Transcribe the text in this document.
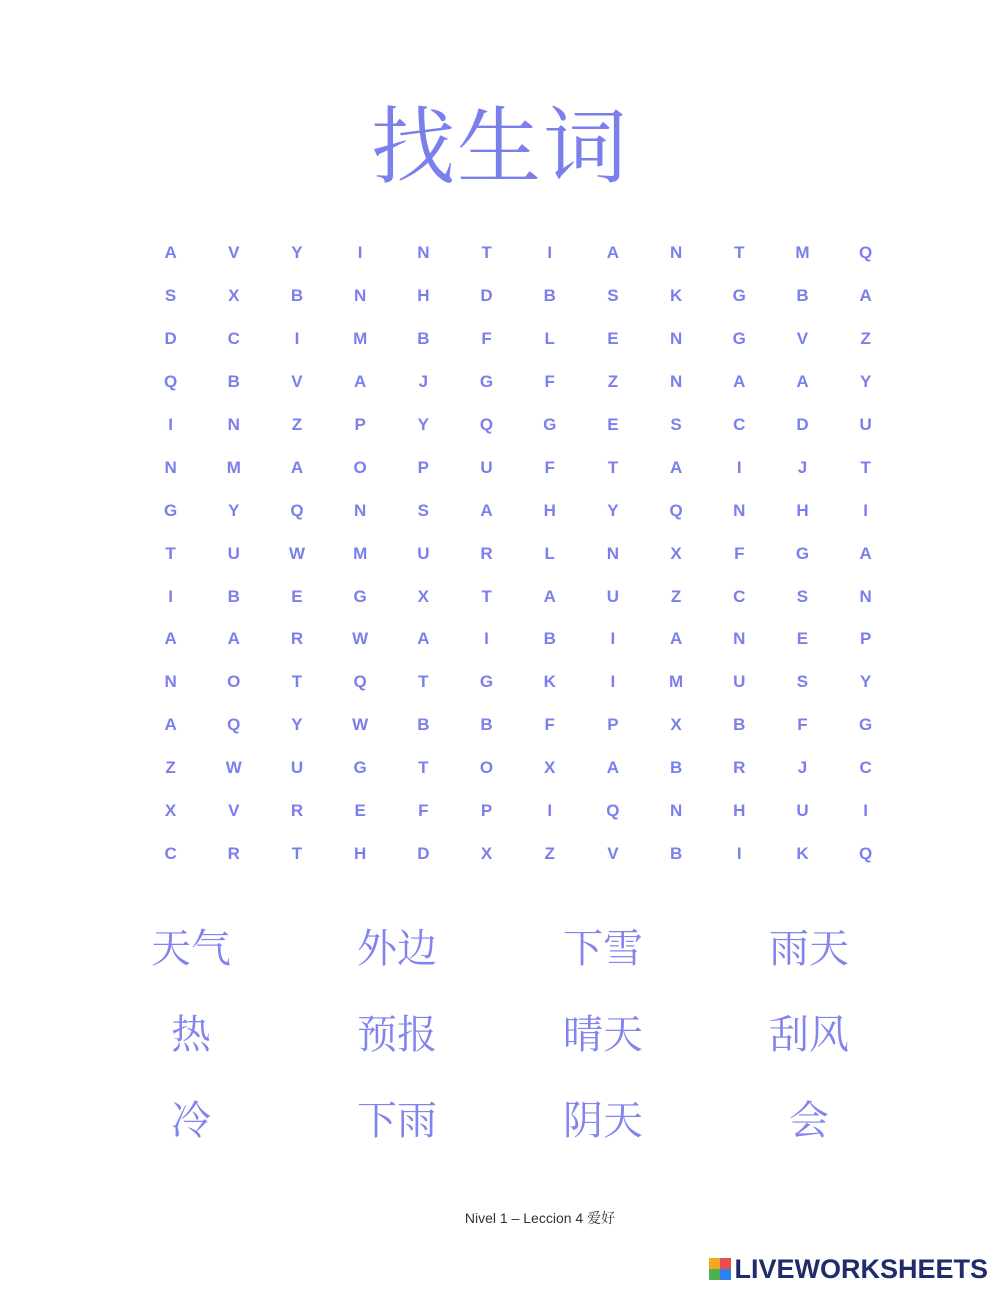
找生词
A	V	Y	I	N	T	I	A	N	T	M	Q
S	X	B	N	H	D	B	S	K	G	B	A
D	C	I	M	B	F	L	E	N	G	V	Z
Q	B	V	A	J	G	F	Z	N	A	A	Y
I	N	Z	P	Y	Q	G	E	S	C	D	U
N	M	A	O	P	U	F	T	A	I	J	T
G	Y	Q	N	S	A	H	Y	Q	N	H	I
T	U	W	M	U	R	L	N	X	F	G	A
I	B	E	G	X	T	A	U	Z	C	S	N
A	A	R	W	A	I	B	I	A	N	E	P
N	O	T	Q	T	G	K	I	M	U	S	Y
A	Q	Y	W	B	B	F	P	X	B	F	G
Z	W	U	G	T	O	X	A	B	R	J	C
X	V	R	E	F	P	I	Q	N	H	U	I
C	R	T	H	D	X	Z	V	B	I	K	Q
天气	外边	下雪	雨天
热	预报	晴天	刮风
冷	下雨	阴天	会
Nivel 1 – Leccion 4 爱好
LIVEWORKSHEETS
